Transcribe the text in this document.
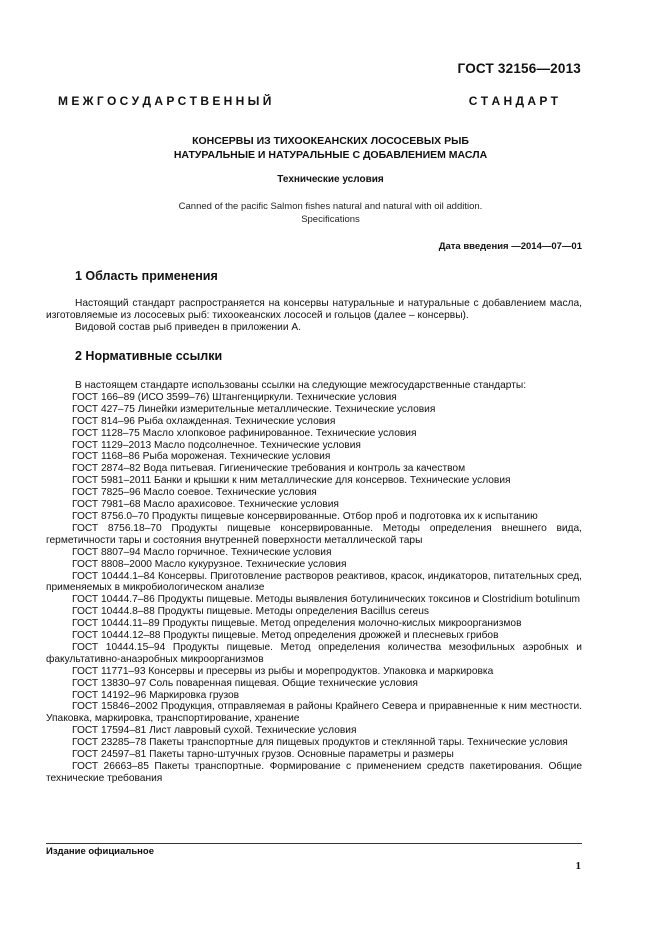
ГОСТ 32156—2013
М Е Ж Г О С У Д А Р С Т В Е Н Н Ы Й	С Т А Н Д А Р Т
КОНСЕРВЫ ИЗ ТИХООКЕАНСКИХ ЛОСОСЕВЫХ РЫБ
НАТУРАЛЬНЫЕ И НАТУРАЛЬНЫЕ С ДОБАВЛЕНИЕМ МАСЛА
Технические условия
Canned of the pacific Salmon fishes natural and natural with oil addition.
Specifications
Дата введения —2014—07—01
1 Область применения
Настоящий стандарт распространяется на консервы натуральные и натуральные с добавлением масла, изготовляемые из лососевых рыб: тихоокеанских лососей и гольцов (далее – консервы).
Видовой состав рыб приведен в приложении А.
2 Нормативные ссылки
В настоящем стандарте использованы ссылки на следующие межгосударственные стандарты:
ГОСТ 166–89 (ИСО 3599–76) Штангенциркули. Технические условия
ГОСТ 427–75 Линейки измерительные металлические. Технические условия
ГОСТ 814–96 Рыба охлажденная. Технические условия
ГОСТ 1128–75 Масло хлопковое рафинированное. Технические условия
ГОСТ 1129–2013 Масло подсолнечное. Технические условия
ГОСТ 1168–86 Рыба мороженая. Технические условия
ГОСТ 2874–82 Вода питьевая. Гигиенические требования и контроль за качеством
ГОСТ 5981–2011 Банки и крышки к ним металлические для консервов. Технические условия
ГОСТ 7825–96 Масло соевое. Технические условия
ГОСТ 7981–68 Масло арахисовое. Технические условия
ГОСТ 8756.0–70 Продукты пищевые консервированные. Отбор проб и подготовка их к испытанию
ГОСТ 8756.18–70 Продукты пищевые консервированные. Методы определения внешнего вида, герметичности тары и состояния внутренней поверхности металлической тары
ГОСТ 8807–94 Масло горчичное. Технические условия
ГОСТ 8808–2000 Масло кукурузное. Технические условия
ГОСТ 10444.1–84 Консервы. Приготовление растворов реактивов, красок, индикаторов, питательных сред, применяемых в микробиологическом анализе
ГОСТ 10444.7–86 Продукты пищевые. Методы выявления ботулинических токсинов и Clostridium botulinum
ГОСТ 10444.8–88 Продукты пищевые. Методы определения Bacillus cereus
ГОСТ 10444.11–89 Продукты пищевые. Метод определения молочно-кислых микроорганизмов
ГОСТ 10444.12–88 Продукты пищевые. Метод определения дрожжей и плесневых грибов
ГОСТ 10444.15–94 Продукты пищевые. Метод определения количества мезофильных аэробных и факультативно-анаэробных микроорганизмов
ГОСТ 11771–93 Консервы и пресервы из рыбы и морепродуктов. Упаковка и маркировка
ГОСТ 13830–97 Соль поваренная пищевая. Общие технические условия
ГОСТ 14192–96 Маркировка грузов
ГОСТ 15846–2002 Продукция, отправляемая в районы Крайнего Севера и приравненные к ним местности. Упаковка, маркировка, транспортирование, хранение
ГОСТ 17594–81 Лист лавровый сухой. Технические условия
ГОСТ 23285–78 Пакеты транспортные для пищевых продуктов и стеклянной тары. Технические условия
ГОСТ 24597–81 Пакеты тарно-штучных грузов. Основные параметры и размеры
ГОСТ 26663–85 Пакеты транспортные. Формирование с применением средств пакетирования. Общие технические требования
Издание официальное
1
